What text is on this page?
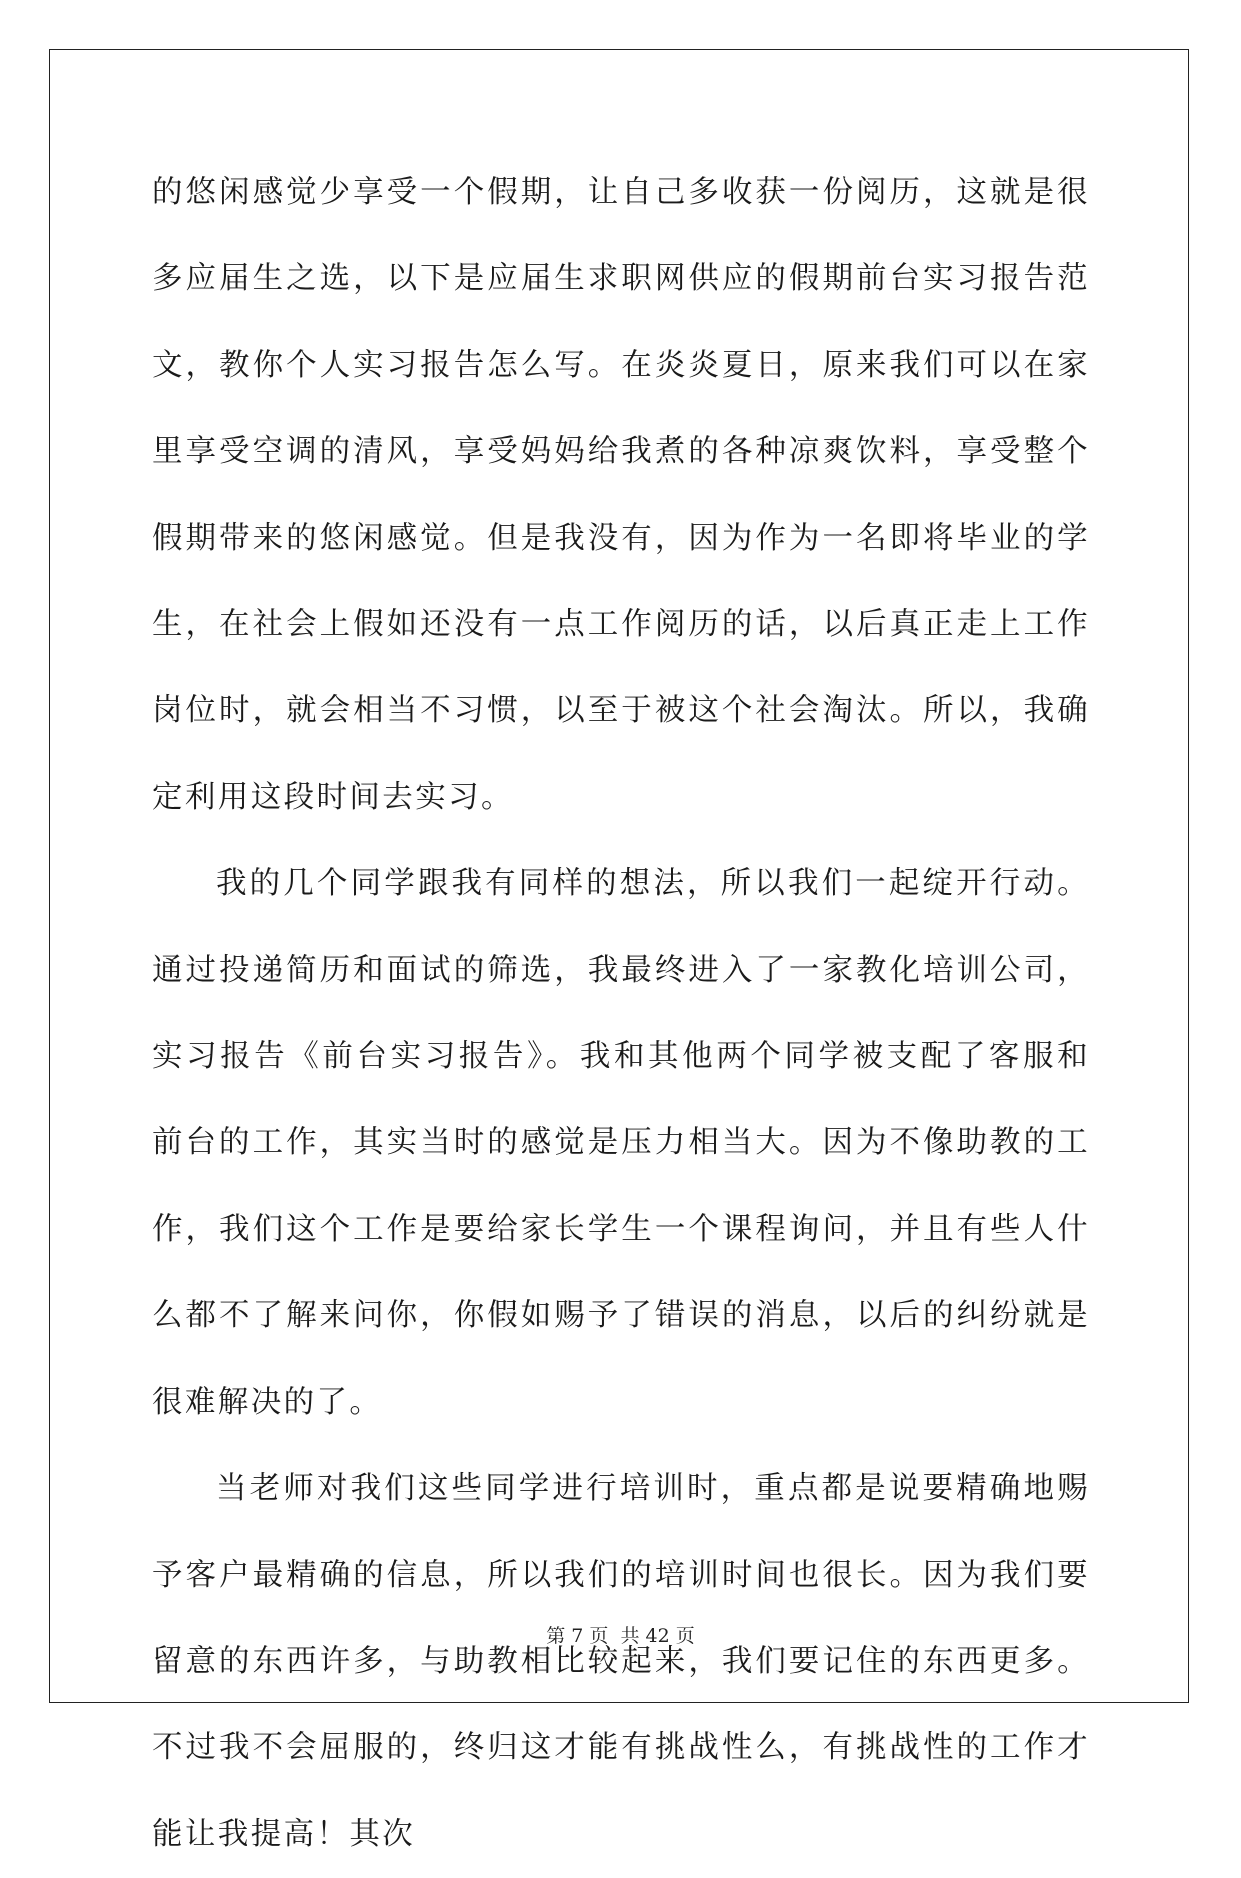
的悠闲感觉少享受一个假期，让自己多收获一份阅历，这就是很多应届生之选，以下是应届生求职网供应的假期前台实习报告范文，教你个人实习报告怎么写。在炎炎夏日，原来我们可以在家里享受空调的清风，享受妈妈给我煮的各种凉爽饮料，享受整个假期带来的悠闲感觉。但是我没有，因为作为一名即将毕业的学生，在社会上假如还没有一点工作阅历的话，以后真正走上工作岗位时，就会相当不习惯，以至于被这个社会淘汰。所以，我确定利用这段时间去实习。

我的几个同学跟我有同样的想法，所以我们一起绽开行动。通过投递简历和面试的筛选，我最终进入了一家教化培训公司，实习报告《前台实习报告》。我和其他两个同学被支配了客服和前台的工作，其实当时的感觉是压力相当大。因为不像助教的工作，我们这个工作是要给家长学生一个课程询问，并且有些人什么都不了解来问你，你假如赐予了错误的消息，以后的纠纷就是很难解决的了。

当老师对我们这些同学进行培训时，重点都是说要精确地赐予客户最精确的信息，所以我们的培训时间也很长。因为我们要留意的东西许多，与助教相比较起来，我们要记住的东西更多。不过我不会屈服的，终归这才能有挑战性么，有挑战性的工作才能让我提高！其次

第 7 页 共 42 页
